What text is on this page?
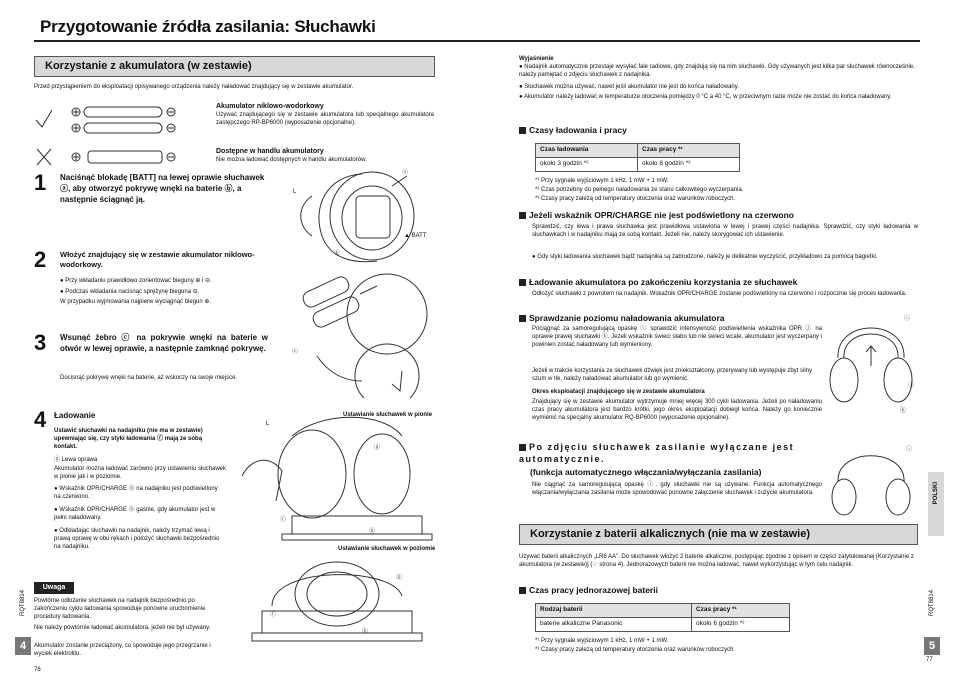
Przygotowanie źródła zasilania: Słuchawki
Korzystanie z akumulatora (w zestawie)
Przed przystąpieniem do eksploatacji opisywanego urządzenia należy naładować znajdujący się w zestawie akumulator.
Akumulator niklowo-wodorkowy
Używać znajdującego się w zestawie akumulatora lub specjalnego akumulatora zastępczego RP-BP6000 (wyposażenie opcjonalne).
Dostępne w handlu akumulatory
Nie można ładować dostępnych w handlu akumulatorów.
1 Naciśnąć blokadę [BATT] na lewej oprawie słuchawek ⓐ, aby otworzyć pokrywę wnęki na baterie ⓑ, a następnie ściągnąć ją.
2 Włożyć znajdujący się w zestawie akumulator niklowo-wodorkowy.
● Przy wkładaniu prawidłowo zorientować bieguny ⊕ i ⊖.
● Podczas wkładania nacisnąć sprężynę bieguna ⊖.
W przypadku wyjmowania najpierw wyciągnąć biegun ⊕.
3 Wsunąć żebro ⓒ na pokrywie wnęki na baterie w otwór w lewej oprawie, a następnie zamknąć pokrywę.
Docisnąć pokrywę wnęki na baterie, aż wskoczy na swoje miejsce.
4 Ładowanie
Ustawić słuchawki na nadajniku (nie ma w zestawie) upewniając się, czy styki ładowania ⓕ mają ze sobą kontakt.
ⓖ Lewa oprawa
Akumulator można ładować zarówno przy ustawieniu słuchawek w pionie jak i w poziomie.
● Wskaźnik OPR/CHARGE ⓗ na nadajniku jest podświetlony na czerwono.
● Wskaźnik OPR/CHARGE ⓗ gaśnie, gdy akumulator jest w pełni naładowany.
● Odkładając słuchawki na nadajnik, należy trzymać lewą i prawą oprawę w obu rękach i położyć słuchawki bezpośrednio na nadajniku.
Uwaga
Powtórne odłożenie słuchawek na nadajnik bezpośrednio po zakończeniu cyklu ładowania spowoduje ponowne uruchomienie procedury ładowania.
Nie należy powtórnie ładować akumulatora, jeżeli nie był używany.
Akumulator zostanie przeciążony, co spowoduje jego przegrzanie i wyciek elektrolitu.
4
RQT8814
76
L
ⓐ
▲ BATT
ⓑ
ⓒ
L
Ustawianie słuchawek w pionie
ⓖ
ⓕ
ⓗ
Ustawianie słuchawek w poziomie
ⓖ
ⓕ
ⓗ
Wyjaśnienie
● Nadajnik automatycznie przestaje wysyłać fale radiowe, gdy znajdują się na nim słuchawki. Gdy używanych jest kilka par słuchawek równocześnie, należy pamiętać o zdjęciu słuchawek z nadajnika.
● Słuchawek można używać, nawet jeśli akumulator nie jest do końca naładowany.
● Akumulator należy ładować w temperaturze otoczenia pomiędzy 0 °C a 40 °C, w przeciwnym razie może nie zostać do końca naładowany.
Czasy ładowania i pracy
Czas ładowania	Czas pracy *¹
około 3 godzin *²	około 8 godzin *³
*¹ Przy sygnale wyjściowym 1 kHz, 1 mW + 1 mW.
*² Czas potrzebny do pełnego naładowania ze stanu całkowitego wyczerpania.
*³ Czasy pracy zależą od temperatury otoczenia oraz warunków roboczych.
Jeżeli wskaźnik OPR/CHARGE nie jest podświetlony na czerwono
Sprawdzić, czy lewa i prawa słuchawka jest prawidłowa ustawiona w lewej i prawej części nadajnika. Sprawdzić, czy styki ładowania w słuchawkach i w nadajniku mają ze sobą kontakt. Jeżeli nie, należy skorygować ich ustawienie.
● Gdy styki ładowania słuchawek bądź nadajnika są zabrudzone, należy je delikatnie wyczyścić, przykładowo za pomocą bagietki.
Ładowanie akumulatora po zakończeniu korzystania ze słuchawek
Odłożyć słuchawki z powrotem na nadajnik. Wskaźnik OPR/CHARGE zostanie podświetlony na czerwono i rozpocznie się proces ładowania.
Sprawdzanie poziomu naładowania akumulatora
Pociągnąć za samoregulującą opaskę ⓘ sprawdzić intensywność podświetlenia wskaźnika OPR ⓙ na oprawie prawej słuchawki ⓚ. Jeżeli wskaźnik świeci słabo lub nie świeci wcale, akumulator jest wyczerpany i powinien zostać naładowany lub wymieniony.
Jeżeli w trakcie korzystania ze słuchawek dźwięk jest zniekształcony, przerywany lub występuje zbyt silny szum w tle, należy naładować akumulator lub go wymienić.
Okres eksploatacji znajdującego się w zestawie akumulatora
Znajdujący się w zestawie akumulator wytrzymuje mniej więcej 300 cykli ładowania. Jeżeli po naładowaniu czas pracy akumulatora jest bardzo krótki, jego okres eksploatacji dobiegł końca. Należy go koniecznie wymienić na specjalny akumulator RQ-BP6000 (wyposażenie opcjonalne).
Po zdjęciu słuchawek zasilanie wyłączane jest automatycznie.
(funkcja automatycznego włączania/wyłączania zasilania)
Nie ciągnąć za samoregulującą opaskę ⓘ, gdy słuchawki nie są używane. Funkcja automatycznego włączania/wyłączania zasilania może spowodować ponowne załączenie słuchawek i zużycie akumulatora.
ⓘ
ⓙ
ⓚ
ⓘ
Korzystanie z baterii alkalicznych (nie ma w zestawie)
Używać baterii alkalicznych „LR6 AA”. Do słuchawek włożyć 2 baterie alkaliczne, postępując zgodnie z opisem w części zatytułowanej [Korzystanie z akumulatora (w zestawie)] (☞ strona 4). Jednorazowych baterii nie można ładować, nawet wykorzystując w tym celu nadajnik.
Czas pracy jednorazowej baterii
Rodzaj baterii	Czas pracy *¹
baterie alkaliczne Panasonic	około 6 godzin *²
*¹ Przy sygnale wyjściowym 1 kHz, 1 mW + 1 mW.
*² Czasy pracy zależą od temperatury otoczenia oraz warunków roboczych.
POLSKI
RQT8814
5
77
